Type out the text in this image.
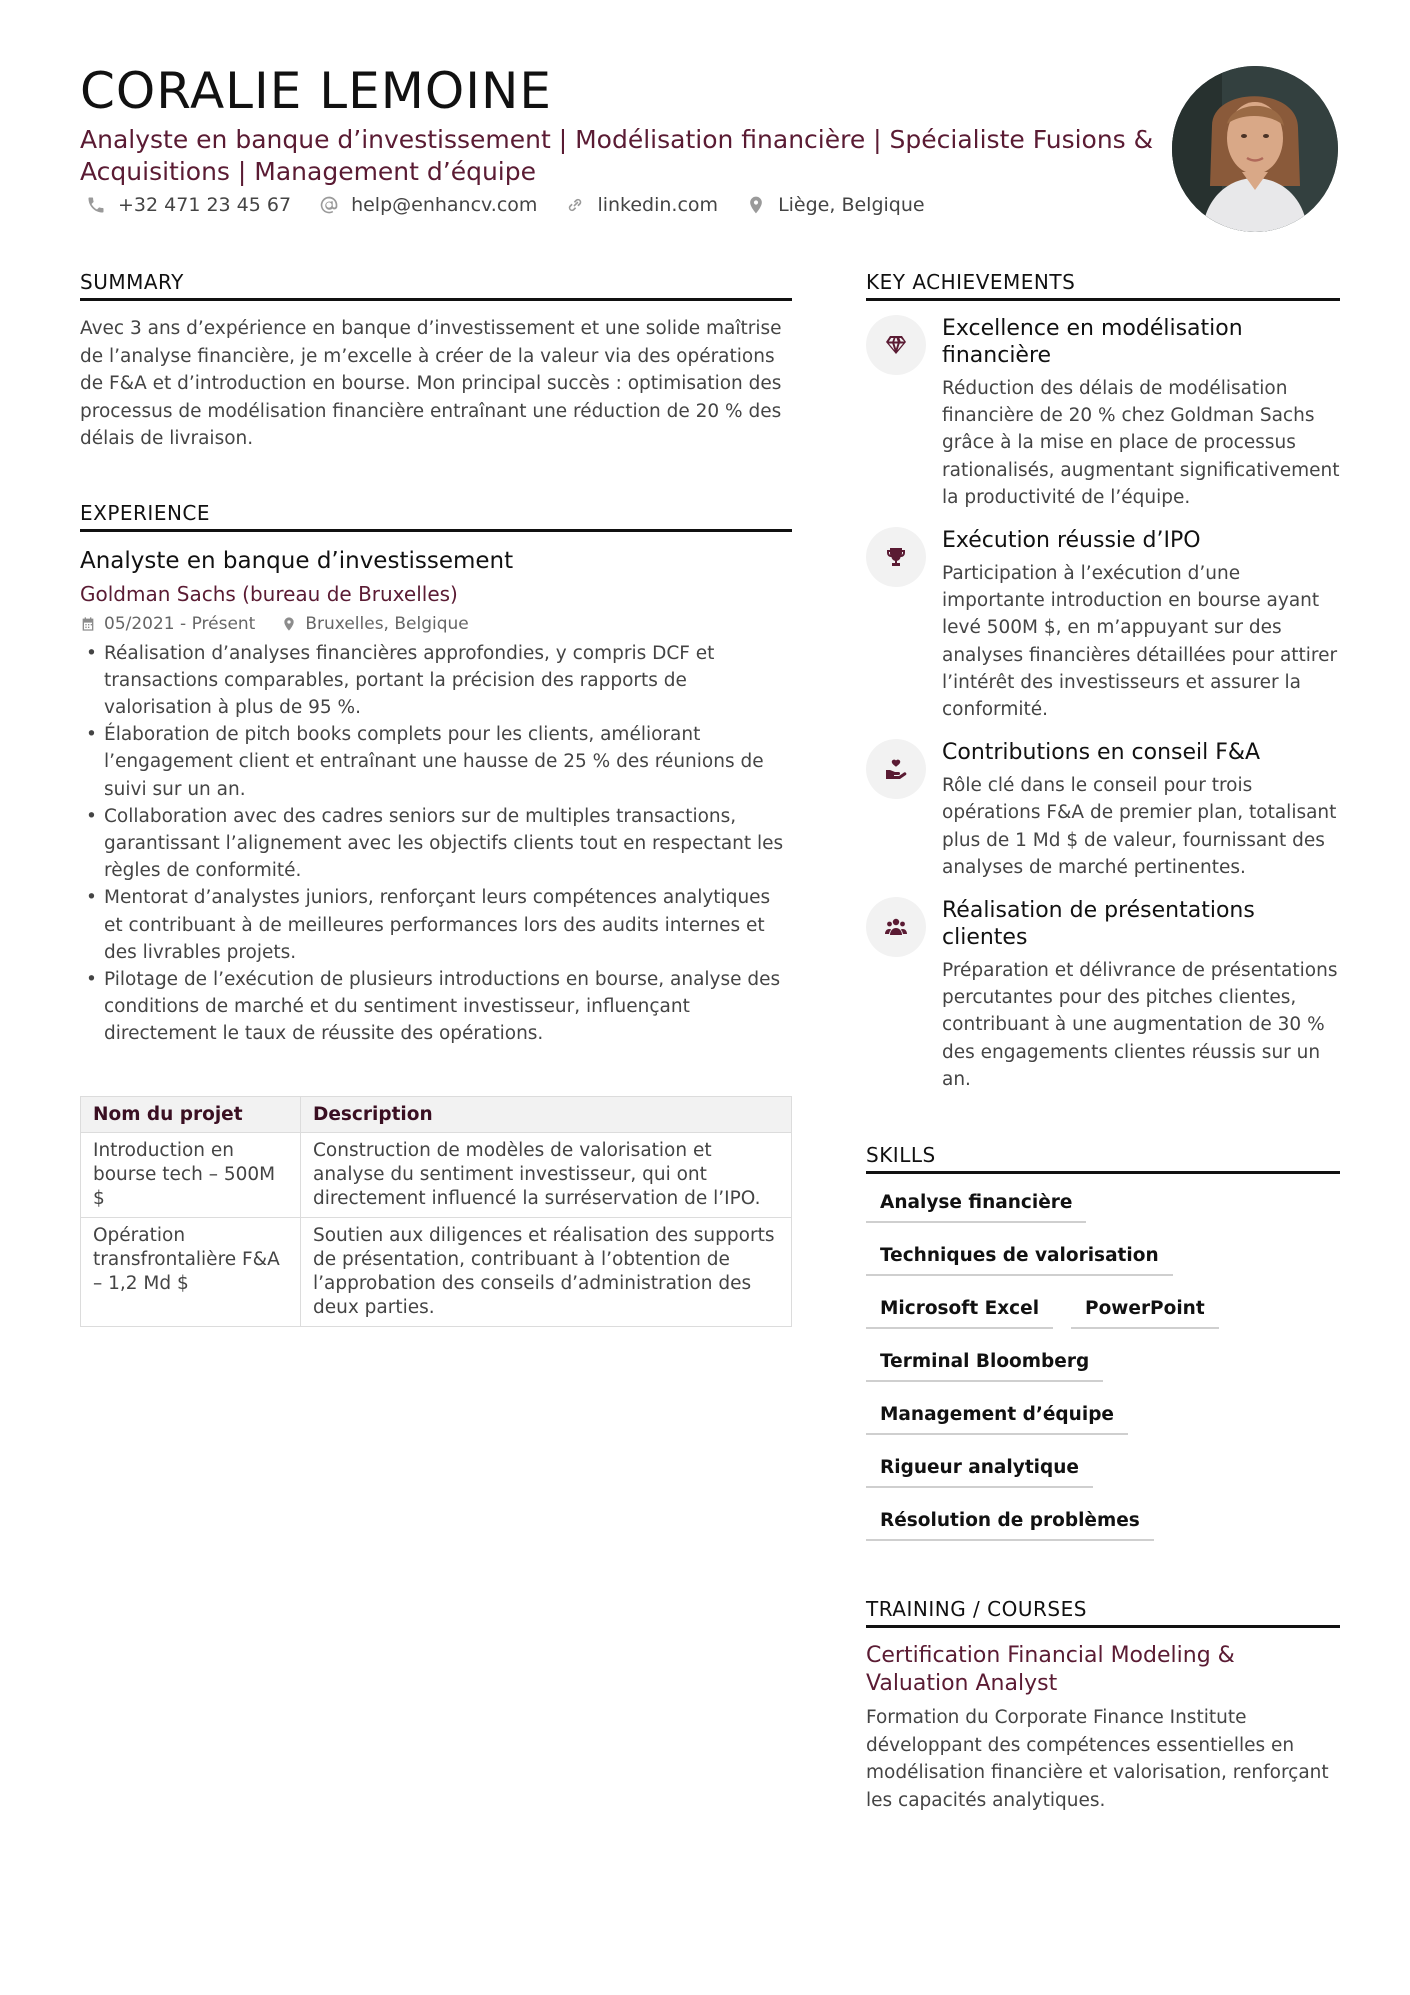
CORALIE LEMOINE
Analyste en banque d’investissement | Modélisation financière | Spécialiste Fusions & Acquisitions | Management d’équipe
+32 471 23 45 67	help@enhancv.com	linkedin.com	Liège, Belgique
SUMMARY

Avec 3 ans d’expérience en banque d’investissement et une solide maîtrise de l’analyse financière, je m’excelle à créer de la valeur via des opérations de F&A et d’introduction en bourse. Mon principal succès : optimisation des processus de modélisation financière entraînant une réduction de 20 % des délais de livraison.

EXPERIENCE
Analyste en banque d’investissement
Goldman Sachs (bureau de Bruxelles)
05/2021 - Présent	Bruxelles, Belgique
• Réalisation d’analyses financières approfondies, y compris DCF et transactions comparables, portant la précision des rapports de valorisation à plus de 95 %.
• Élaboration de pitch books complets pour les clients, améliorant l’engagement client et entraînant une hausse de 25 % des réunions de suivi sur un an.
• Collaboration avec des cadres seniors sur de multiples transactions, garantissant l’alignement avec les objectifs clients tout en respectant les règles de conformité.
• Mentorat d’analystes juniors, renforçant leurs compétences analytiques et contribuant à de meilleures performances lors des audits internes et des livrables projets.
• Pilotage de l’exécution de plusieurs introductions en bourse, analyse des conditions de marché et du sentiment investisseur, influençant directement le taux de réussite des opérations.
Nom du projet	Description
Introduction en bourse tech – 500M $	Construction de modèles de valorisation et analyse du sentiment investisseur, qui ont directement influencé la surréservation de l’IPO.
Opération transfrontalière F&A – 1,2 Md $	Soutien aux diligences et réalisation des supports de présentation, contribuant à l’obtention de l’approbation des conseils d’administration des deux parties.
KEY ACHIEVEMENTS
Excellence en modélisation financière
Réduction des délais de modélisation financière de 20 % chez Goldman Sachs grâce à la mise en place de processus rationalisés, augmentant significativement la productivité de l’équipe.
Exécution réussie d’IPO
Participation à l’exécution d’une importante introduction en bourse ayant levé 500M $, en m’appuyant sur des analyses financières détaillées pour attirer l’intérêt des investisseurs et assurer la conformité.
Contributions en conseil F&A
Rôle clé dans le conseil pour trois opérations F&A de premier plan, totalisant plus de 1 Md $ de valeur, fournissant des analyses de marché pertinentes.
Réalisation de présentations clientes
Préparation et délivrance de présentations percutantes pour des pitches clientes, contribuant à une augmentation de 30 % des engagements clientes réussis sur un an.
SKILLS
Analyse financière
Techniques de valorisation
Microsoft Excel	PowerPoint
Terminal Bloomberg
Management d’équipe
Rigueur analytique
Résolution de problèmes
TRAINING / COURSES
Certification Financial Modeling & Valuation Analyst
Formation du Corporate Finance Institute développant des compétences essentielles en modélisation financière et valorisation, renforçant les capacités analytiques.
